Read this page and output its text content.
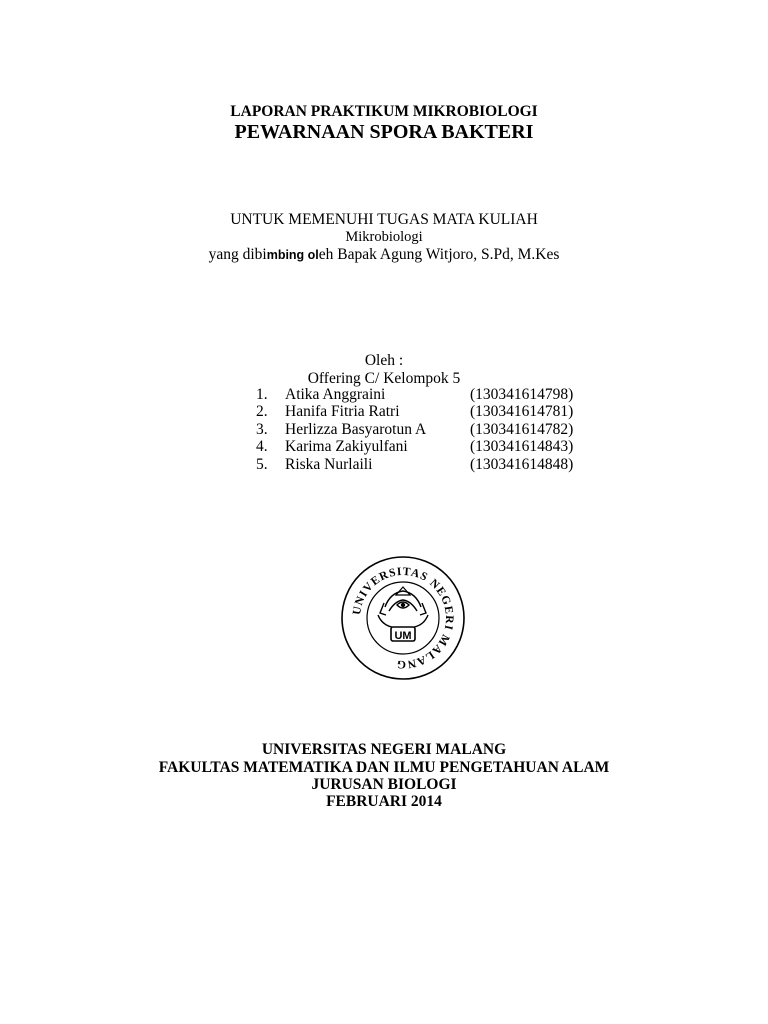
LAPORAN PRAKTIKUM MIKROBIOLOGI
PEWARNAAN SPORA BAKTERI
UNTUK MEMENUHI TUGAS MATA KULIAH
Mikrobiologi
yang dibimbing oleh Bapak Agung Witjoro, S.Pd, M.Kes
Oleh :
Offering C/ Kelompok 5
1. Atika Anggraini	(130341614798)
2. Hanifa Fitria Ratri	(130341614781)
3. Herlizza Basyarotun A	(130341614782)
4. Karima Zakiyulfani	(130341614843)
5. Riska Nurlaili	(130341614848)
UNIVERSITAS NEGERI MALANG
UM
UNIVERSITAS NEGERI MALANG
FAKULTAS MATEMATIKA DAN ILMU PENGETAHUAN ALAM
JURUSAN BIOLOGI
FEBRUARI 2014
